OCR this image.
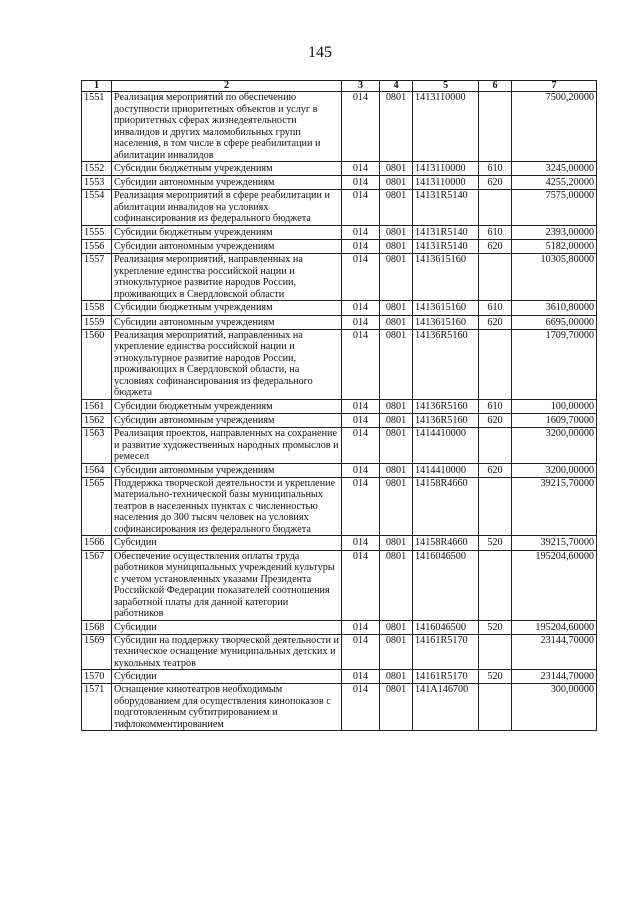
145
1	2	3	4	5	6	7
1551	Реализация мероприятий по обеспечению доступности приоритетных объектов и услуг в приоритетных сферах жизнедеятельности инвалидов и других маломобильных групп населения, в том числе в сфере реабилитации и абилитации инвалидов	014	0801	1413110000		7500,20000
1552	Субсидии бюджетным учреждениям	014	0801	1413110000	610	3245,00000
1553	Субсидии автономным учреждениям	014	0801	1413110000	620	4255,20000
1554	Реализация мероприятий в сфере реабилитации и абилитации инвалидов на условиях софинансирования из федерального бюджета	014	0801	14131R5140		7575,00000
1555	Субсидии бюджетным учреждениям	014	0801	14131R5140	610	2393,00000
1556	Субсидии автономным учреждениям	014	0801	14131R5140	620	5182,00000
1557	Реализация мероприятий, направленных на укрепление единства российской нации и этнокультурное развитие народов России, проживающих в Свердловской области	014	0801	1413615160		10305,80000
1558	Субсидии бюджетным учреждениям	014	0801	1413615160	610	3610,80000
1559	Субсидии автономным учреждениям	014	0801	1413615160	620	6695,00000
1560	Реализация мероприятий, направленных на укрепление единства российской нации и этнокультурное развитие народов России, проживающих в Свердловской области, на условиях софинансирования из федерального бюджета	014	0801	14136R5160		1709,70000
1561	Субсидии бюджетным учреждениям	014	0801	14136R5160	610	100,00000
1562	Субсидии автономным учреждениям	014	0801	14136R5160	620	1609,70000
1563	Реализация проектов, направленных на сохранение и развитие художественных народных промыслов и ремесел	014	0801	1414410000		3200,00000
1564	Субсидии автономным учреждениям	014	0801	1414410000	620	3200,00000
1565	Поддержка творческой деятельности и укрепление материально-технической базы муниципальных театров в населенных пунктах с численностью населения до 300 тысяч человек на условиях софинансирования из федерального бюджета	014	0801	14158R4660		39215,70000
1566	Субсидии	014	0801	14158R4660	520	39215,70000
1567	Обеспечение осуществления оплаты труда работников муниципальных учреждений культуры с учетом установленных указами Президента Российской Федерации показателей соотношения заработной платы для данной категории работников	014	0801	1416046500		195204,60000
1568	Субсидии	014	0801	1416046500	520	195204,60000
1569	Субсидии на поддержку творческой деятельности и техническое оснащение муниципальных детских и кукольных театров	014	0801	14161R5170		23144,70000
1570	Субсидии	014	0801	14161R5170	520	23144,70000
1571	Оснащение кинотеатров необходимым оборудованием для осуществления кинопоказов с подготовленным субтитрированием и тифлокомментированием	014	0801	141А146700		300,00000
